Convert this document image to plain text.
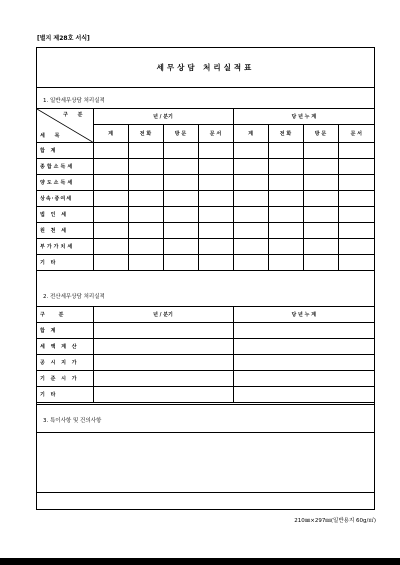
[별지 제28호 서식]
세무상담 처리실적표
1. 일반세무상담 처리실적
구 분
세 목	년 / 분기				당 년 누 계			
	계	전 화	방 문	문 서	계	전 화	방 문	문 서
합 계								
종합소득세								
양도소득세								
상속·증여세								
법 인 세								
원 천 세								
부가가치세								
기 타								
2. 전산세무상담 처리실적
구 분	년 / 분기	당 년 누 계
합 계		
세 액 계 산		
공 시 지 가		
기 준 시 가		
기 타		
3. 특이사항 및 건의사항
210㎜×297㎜(일반용지 60g/㎡)
